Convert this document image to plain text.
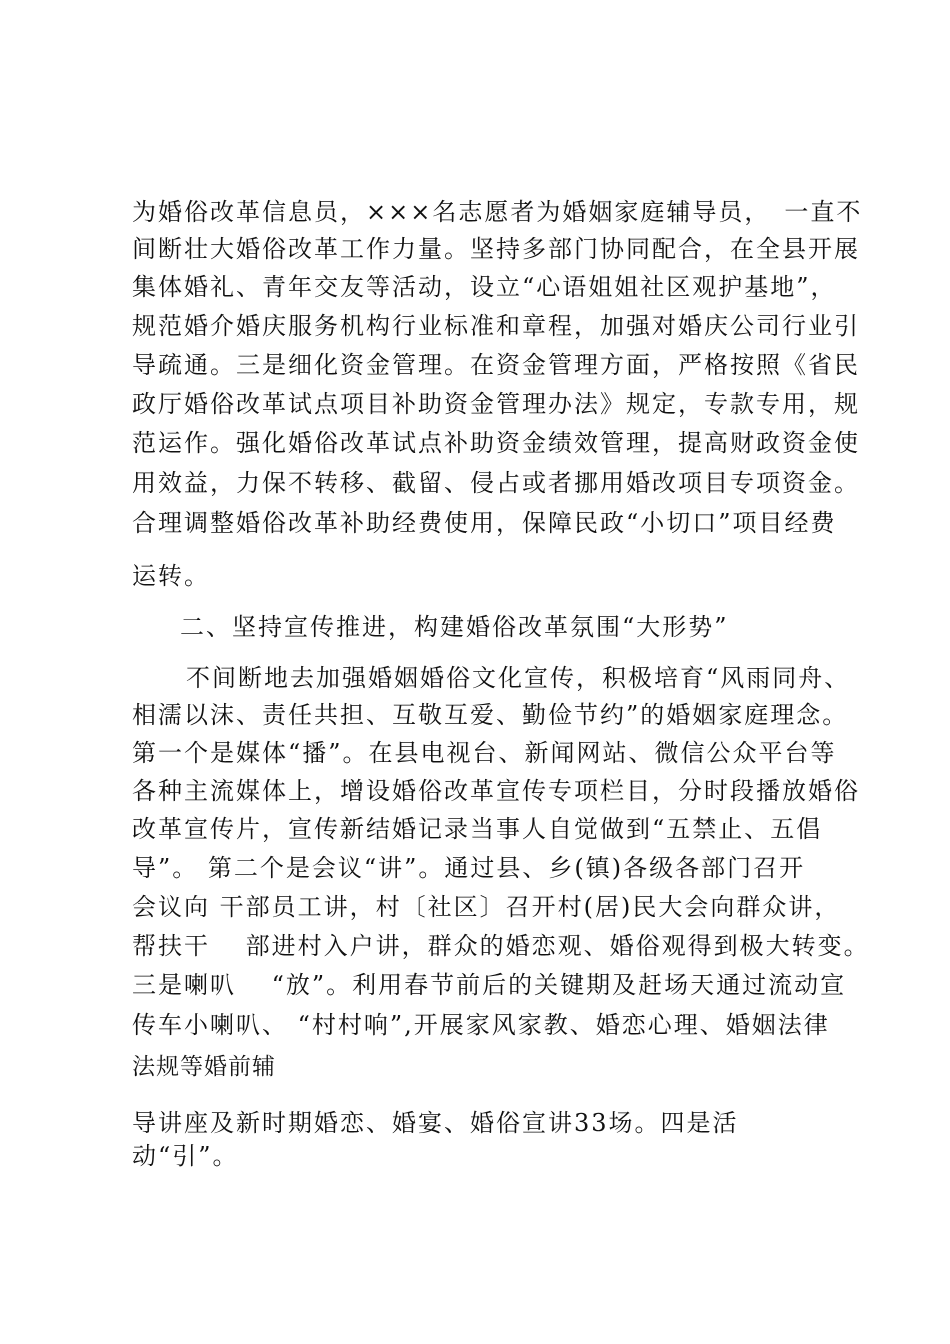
为婚俗改革信息员，×××名志愿者为婚姻家庭辅导员，　一直不
间断壮大婚俗改革工作力量。坚持多部门协同配合，在全县开展
集体婚礼、青年交友等活动，设立“心语姐姐社区观护基地”，
规范婚介婚庆服务机构行业标准和章程，加强对婚庆公司行业引
导疏通。三是细化资金管理。在资金管理方面，严格按照《省民
政厅婚俗改革试点项目补助资金管理办法》规定，专款专用，规
范运作。强化婚俗改革试点补助资金绩效管理，提高财政资金使
用效益，力保不转移、截留、侵占或者挪用婚改项目专项资金。
合理调整婚俗改革补助经费使用，保障民政“小切口”项目经费
运转。
二、坚持宣传推进，构建婚俗改革氛围“大形势”
不间断地去加强婚姻婚俗文化宣传，积极培育“风雨同舟、
相濡以沫、责任共担、互敬互爱、勤俭节约”的婚姻家庭理念。
第一个是媒体“播”。在县电视台、新闻网站、微信公众平台等
各种主流媒体上，增设婚俗改革宣传专项栏目，分时段播放婚俗
改革宣传片，宣传新结婚记录当事人自觉做到“五禁止、五倡
导”。 第二个是会议“讲”。通过县、乡(镇)各级各部门召开
会议向 干部员工讲，村〔社区〕召开村(居)民大会向群众讲，
帮扶干　 部进村入户讲，群众的婚恋观、婚俗观得到极大转变。
三是喇叭　 “放”。利用春节前后的关键期及赶场天通过流动宣
传车小喇叭、 “村村响”,开展家风家教、婚恋心理、婚姻法律
法规等婚前辅
导讲座及新时期婚恋、婚宴、婚俗宣讲33场。四是活
动“引”。
